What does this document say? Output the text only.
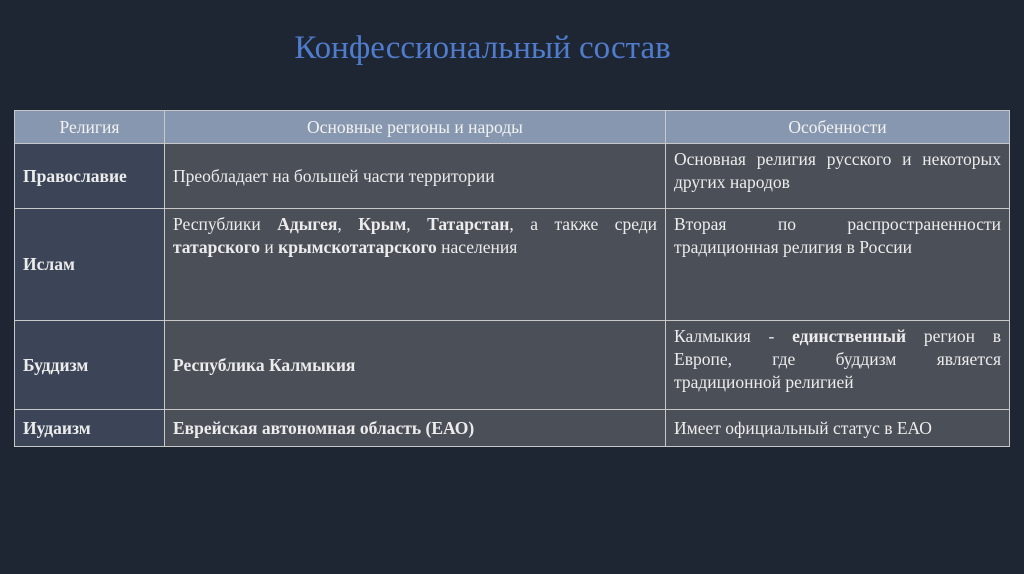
Конфессиональный состав
Религия	Основные регионы и народы	Особенности
Православие	Преобладает на большей части территории	Основная религия русского и некоторых других народов
Ислам	Республики Адыгея, Крым, Татарстан, а также среди татарского и крымскотатарского населения	Вторая по распространенности традиционная религия в России
Буддизм	Республика Калмыкия	Калмыкия - единственный регион в Европе, где буддизм является традиционной религией
Иудаизм	Еврейская автономная область (ЕАО)	Имеет официальный статус в ЕАО
